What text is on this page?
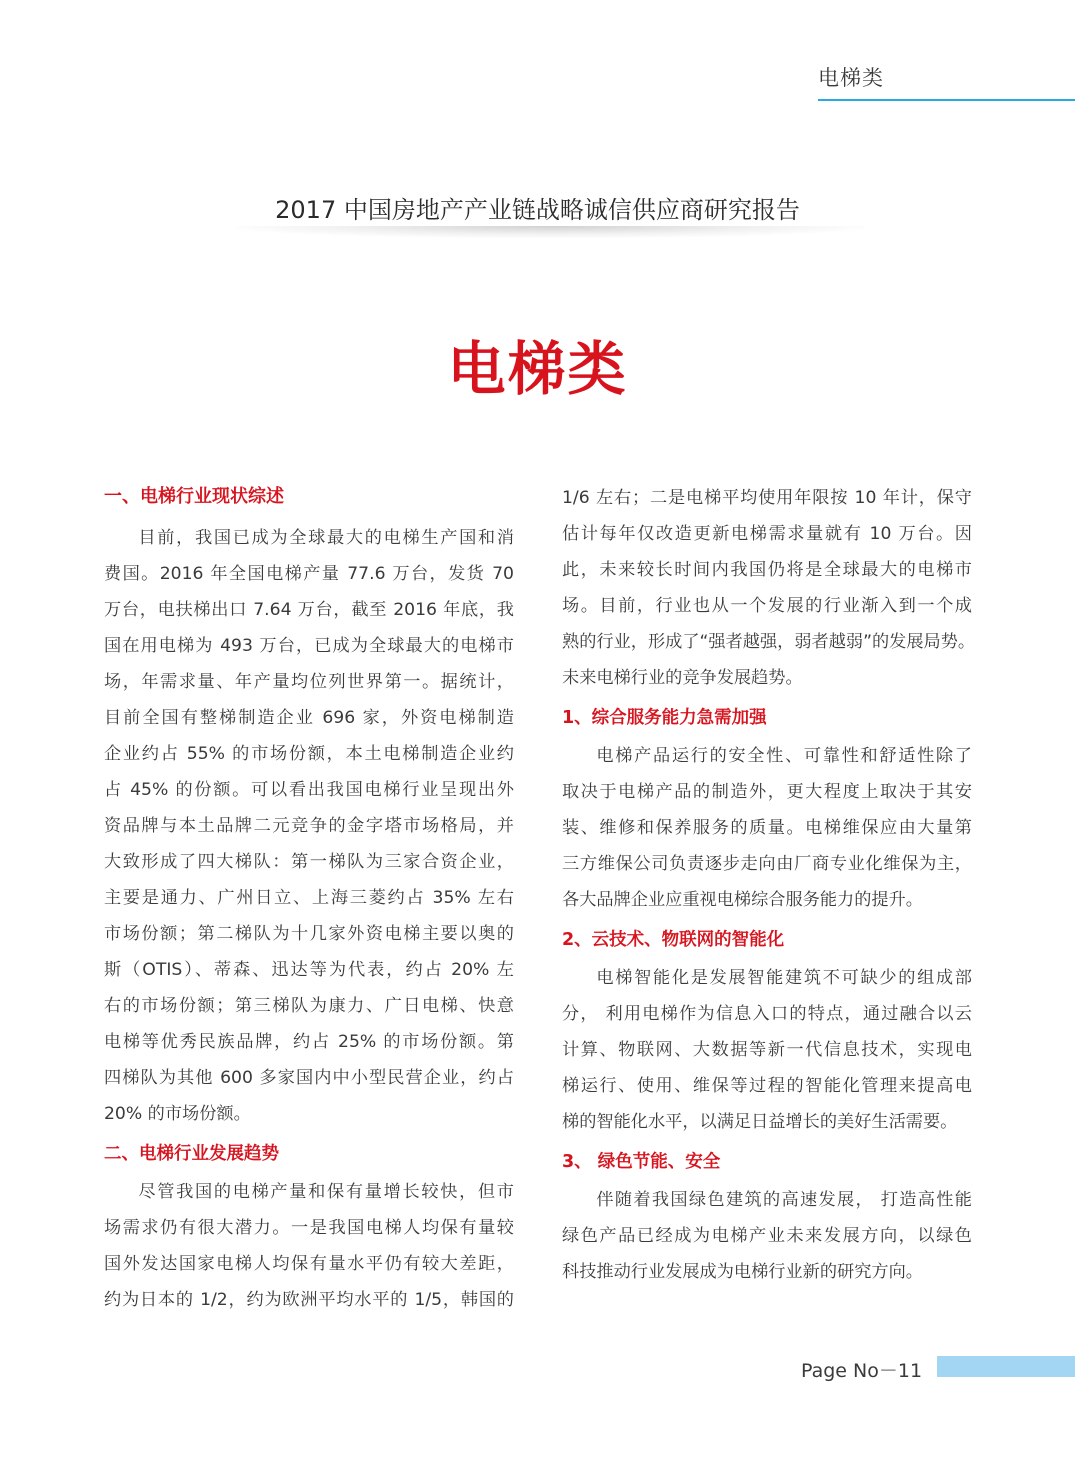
电梯类
2017 中国房地产产业链战略诚信供应商研究报告
电梯类
一、电梯行业现状综述
目前，我国已成为全球最大的电梯生产国和消
费国。2016 年全国电梯产量 77.6 万台，发货 70
万台，电扶梯出口 7.64 万台，截至 2016 年底，我
国在用电梯为 493 万台，已成为全球最大的电梯市
场，年需求量、年产量均位列世界第一。据统计，
目前全国有整梯制造企业 696 家，外资电梯制造
企业约占 55% 的市场份额，本土电梯制造企业约
占 45% 的份额。可以看出我国电梯行业呈现出外
资品牌与本土品牌二元竞争的金字塔市场格局，并
大致形成了四大梯队：第一梯队为三家合资企业，
主要是通力、广州日立、上海三菱约占 35% 左右
市场份额；第二梯队为十几家外资电梯主要以奥的
斯（OTIS）、蒂森、迅达等为代表，约占 20% 左
右的市场份额；第三梯队为康力、广日电梯、快意
电梯等优秀民族品牌，约占 25% 的市场份额。第
四梯队为其他 600 多家国内中小型民营企业，约占
20% 的市场份额。
二、电梯行业发展趋势
尽管我国的电梯产量和保有量增长较快，但市
场需求仍有很大潜力。一是我国电梯人均保有量较
国外发达国家电梯人均保有量水平仍有较大差距，
约为日本的 1/2，约为欧洲平均水平的 1/5，韩国的
1/6 左右；二是电梯平均使用年限按 10 年计，保守
估计每年仅改造更新电梯需求量就有 10 万台。因
此，未来较长时间内我国仍将是全球最大的电梯市
场。目前，行业也从一个发展的行业渐入到一个成
熟的行业，形成了“强者越强，弱者越弱”的发展局势。
未来电梯行业的竞争发展趋势。
1、综合服务能力急需加强
电梯产品运行的安全性、可靠性和舒适性除了
取决于电梯产品的制造外，更大程度上取决于其安
装、维修和保养服务的质量。电梯维保应由大量第
三方维保公司负责逐步走向由厂商专业化维保为主，
各大品牌企业应重视电梯综合服务能力的提升。
2、云技术、物联网的智能化
电梯智能化是发展智能建筑不可缺少的组成部
分， 利用电梯作为信息入口的特点，通过融合以云
计算、物联网、大数据等新一代信息技术，实现电
梯运行、使用、维保等过程的智能化管理来提高电
梯的智能化水平，以满足日益增长的美好生活需要。
3、 绿色节能、安全
伴随着我国绿色建筑的高速发展， 打造高性能
绿色产品已经成为电梯产业未来发展方向，以绿色
科技推动行业发展成为电梯行业新的研究方向。
Page No－11
